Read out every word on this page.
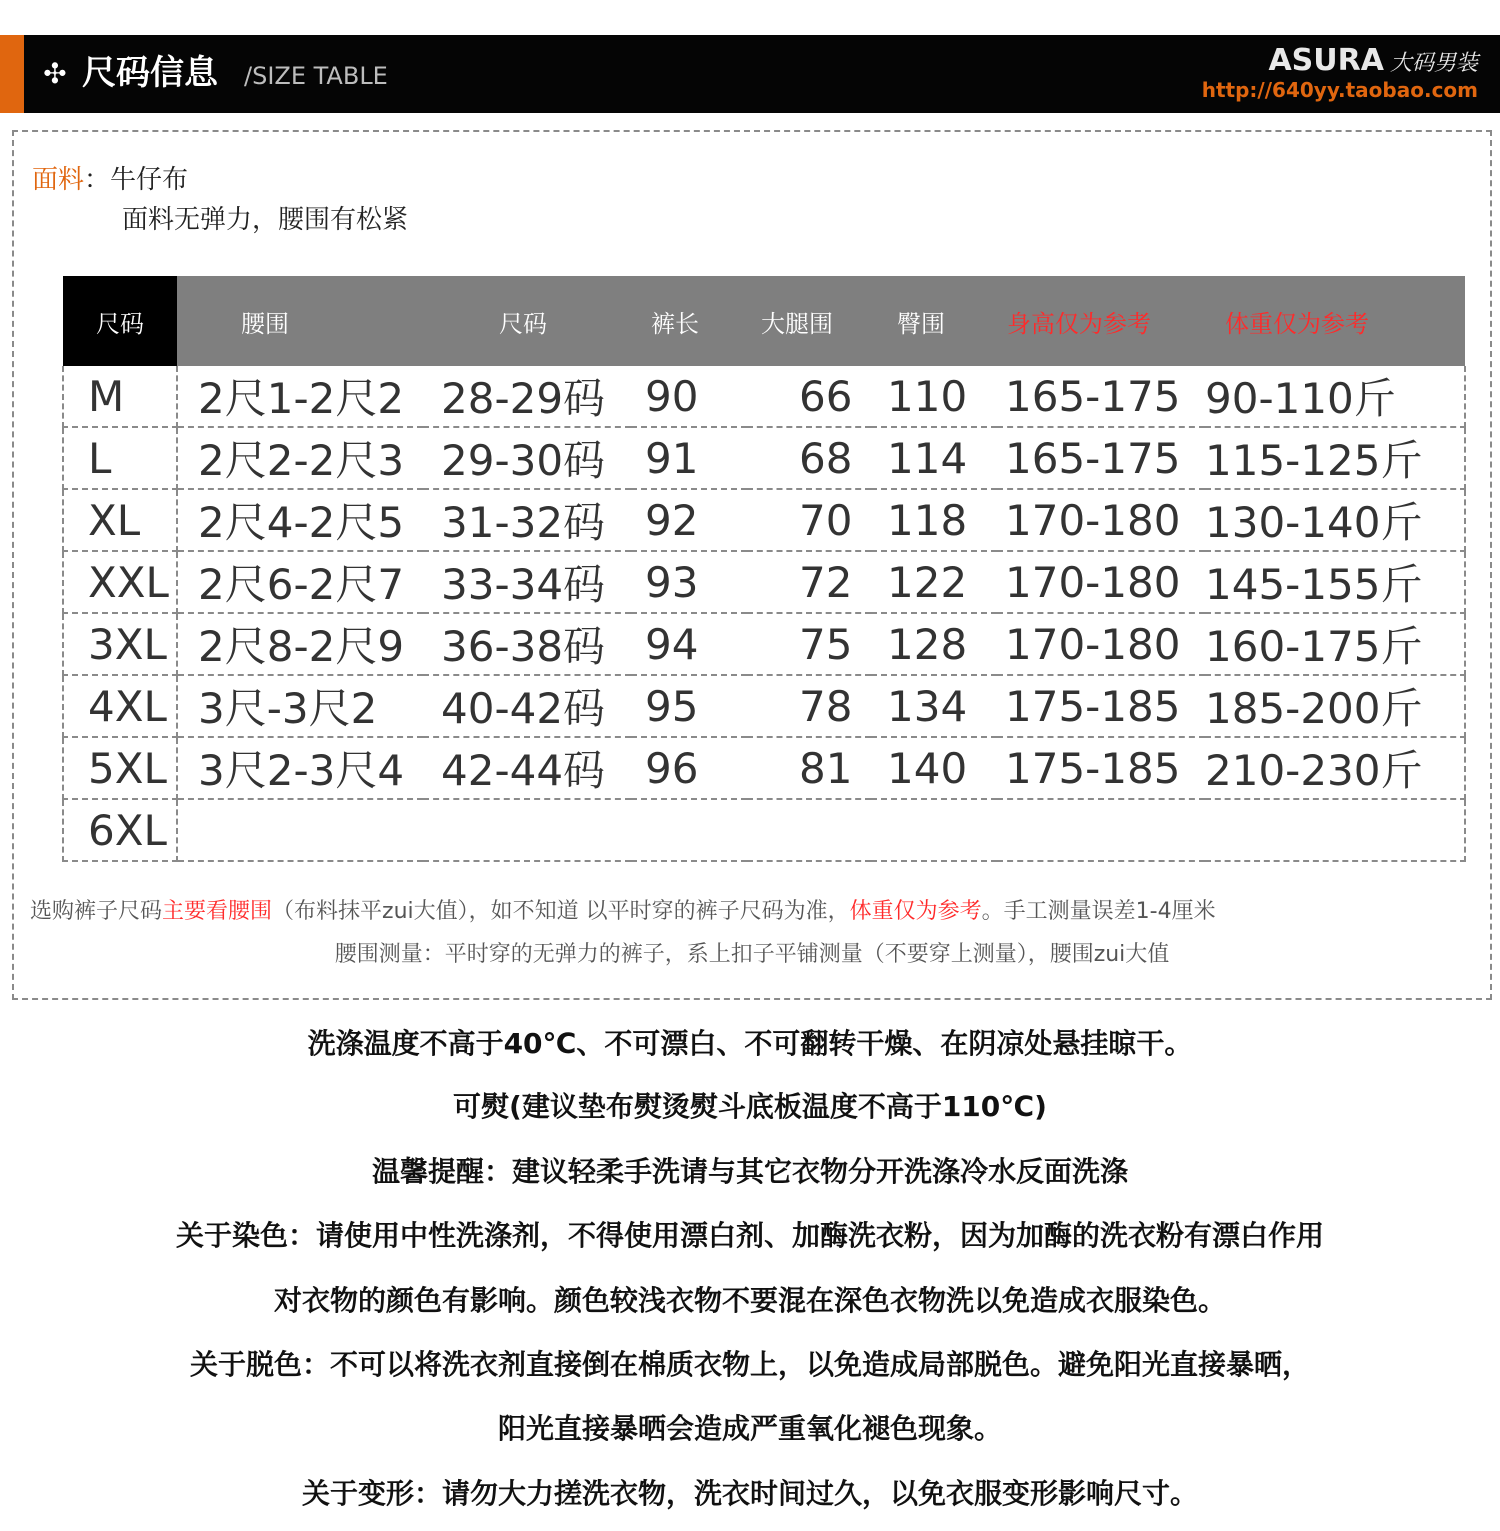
✣ 尺码信息 /SIZE TABLE	ASURA 大码男装
http://640yy.taobao.com
面料：牛仔布
面料无弹力，腰围有松紧
尺码	腰围	尺码	裤长	大腿围	臀围	身高仅为参考	体重仅为参考
M	2尺1-2尺2	28-29码	90	66	110	165-175	90-110斤
L	2尺2-2尺3	29-30码	91	68	114	165-175	115-125斤
XL	2尺4-2尺5	31-32码	92	70	118	170-180	130-140斤
XXL	2尺6-2尺7	33-34码	93	72	122	170-180	145-155斤
3XL	2尺8-2尺9	36-38码	94	75	128	170-180	160-175斤
4XL	3尺-3尺2	40-42码	95	78	134	175-185	185-200斤
5XL	3尺2-3尺4	42-44码	96	81	140	175-185	210-230斤
6XL							
选购裤子尺码主要看腰围（布料抹平zui大值），如不知道 以平时穿的裤子尺码为准，体重仅为参考。手工测量误差1-4厘米
腰围测量：平时穿的无弹力的裤子，系上扣子平铺测量（不要穿上测量），腰围zui大值
洗涤温度不高于40℃、不可漂白、不可翻转干燥、在阴凉处悬挂晾干。
可熨(建议垫布熨烫熨斗底板温度不高于110℃)
温馨提醒：建议轻柔手洗请与其它衣物分开洗涤冷水反面洗涤
关于染色：请使用中性洗涤剂，不得使用漂白剂、加酶洗衣粉，因为加酶的洗衣粉有漂白作用
对衣物的颜色有影响。颜色较浅衣物不要混在深色衣物洗以免造成衣服染色。
关于脱色：不可以将洗衣剂直接倒在棉质衣物上，以免造成局部脱色。避免阳光直接暴晒，
阳光直接暴晒会造成严重氧化褪色现象。
关于变形：请勿大力搓洗衣物，洗衣时间过久，以免衣服变形影响尺寸。
